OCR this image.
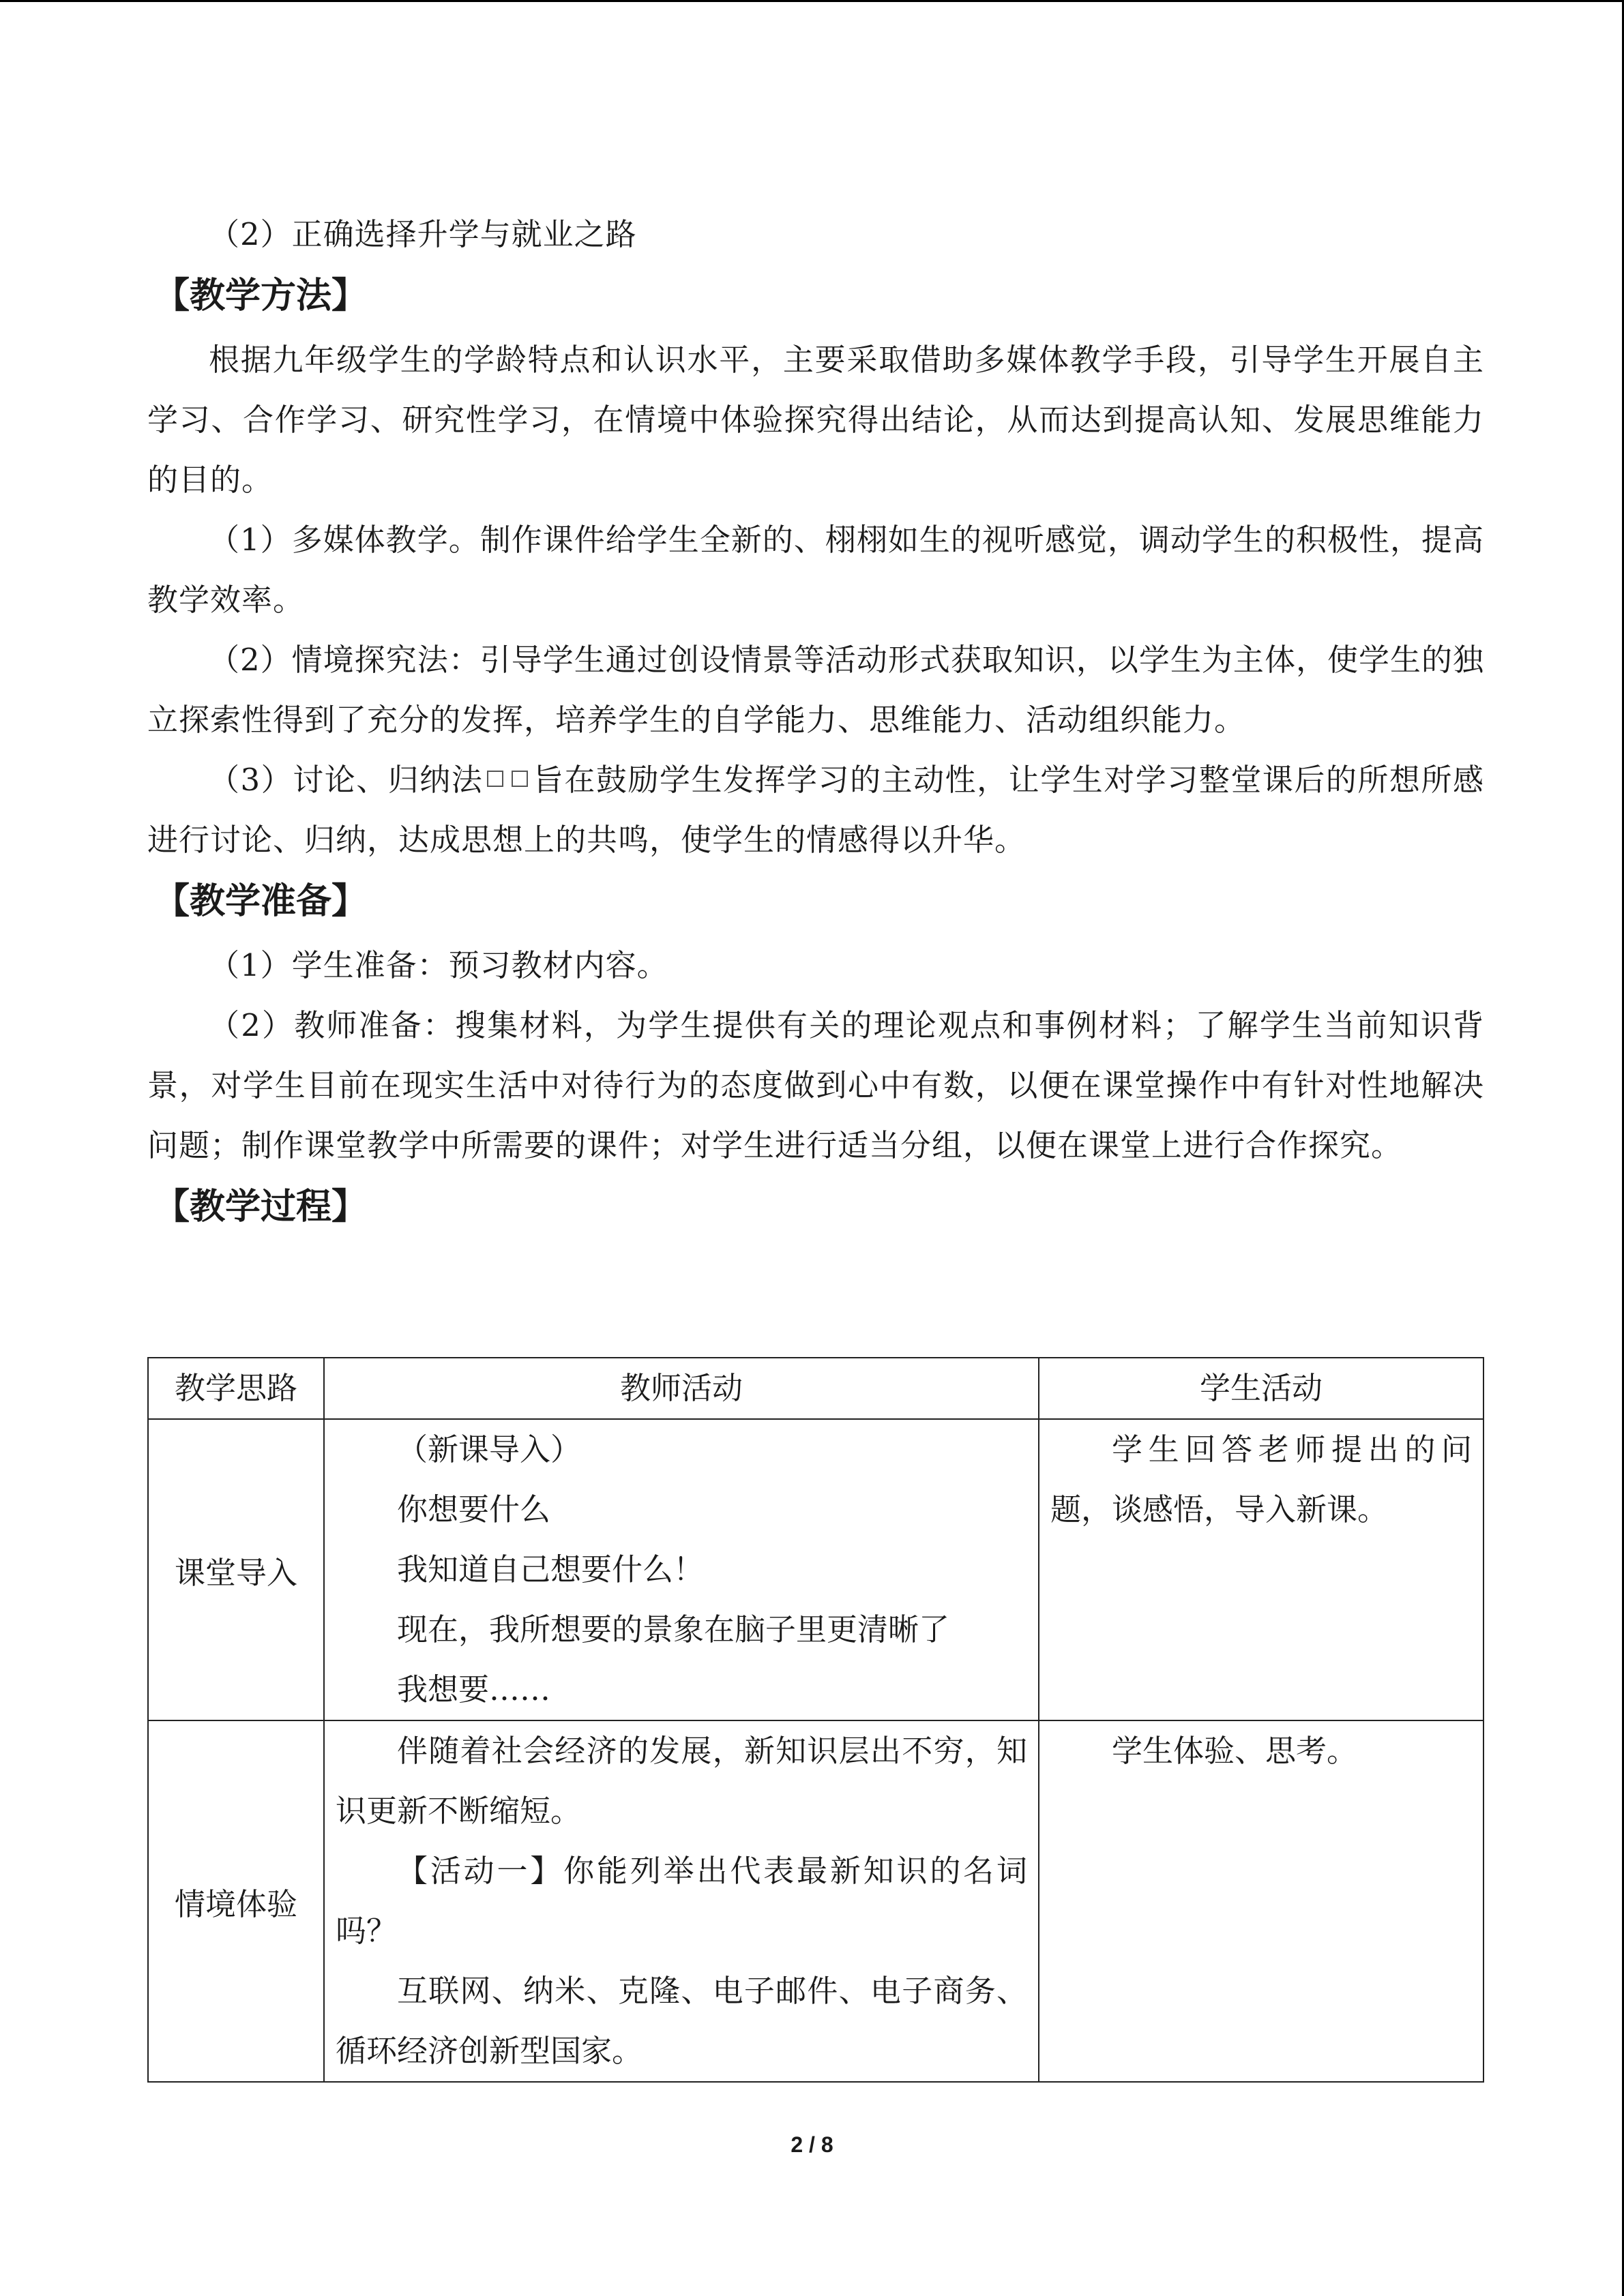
（2）正确选择升学与就业之路

【教学方法】

根据九年级学生的学龄特点和认识水平，主要采取借助多媒体教学手段，引导学生开展自主学习、合作学习、研究性学习，在情境中体验探究得出结论，从而达到提高认知、发展思维能力的目的。

（1）多媒体教学。制作课件给学生全新的、栩栩如生的视听感觉，调动学生的积极性，提高教学效率。

（2）情境探究法：引导学生通过创设情景等活动形式获取知识，以学生为主体，使学生的独立探索性得到了充分的发挥，培养学生的自学能力、思维能力、活动组织能力。

（3）讨论、归纳法 旨在鼓励学生发挥学习的主动性，让学生对学习整堂课后的所想所感进行讨论、归纳，达成思想上的共鸣，使学生的情感得以升华。

【教学准备】

（1）学生准备：预习教材内容。

（2）教师准备：搜集材料，为学生提供有关的理论观点和事例材料；了解学生当前知识背景，对学生目前在现实生活中对待行为的态度做到心中有数，以便在课堂操作中有针对性地解决问题；制作课堂教学中所需要的课件；对学生进行适当分组，以便在课堂上进行合作探究。

【教学过程】
教学思路	教师活动	学生活动
课堂导入	（新课导入）
你想要什么
我知道自己想要什么！
现在，我所想要的景象在脑子里更清晰了
我想要……	学生回答老师提出的问题，谈感悟，导入新课。

情境体验	伴随着社会经济的发展，新知识层出不穷，知识更新不断缩短。
【活动一】你能列举出代表最新知识的名词吗？
互联网、纳米、克隆、电子邮件、电子商务、循环经济创新型国家。	学生体验、思考。
2 / 8
